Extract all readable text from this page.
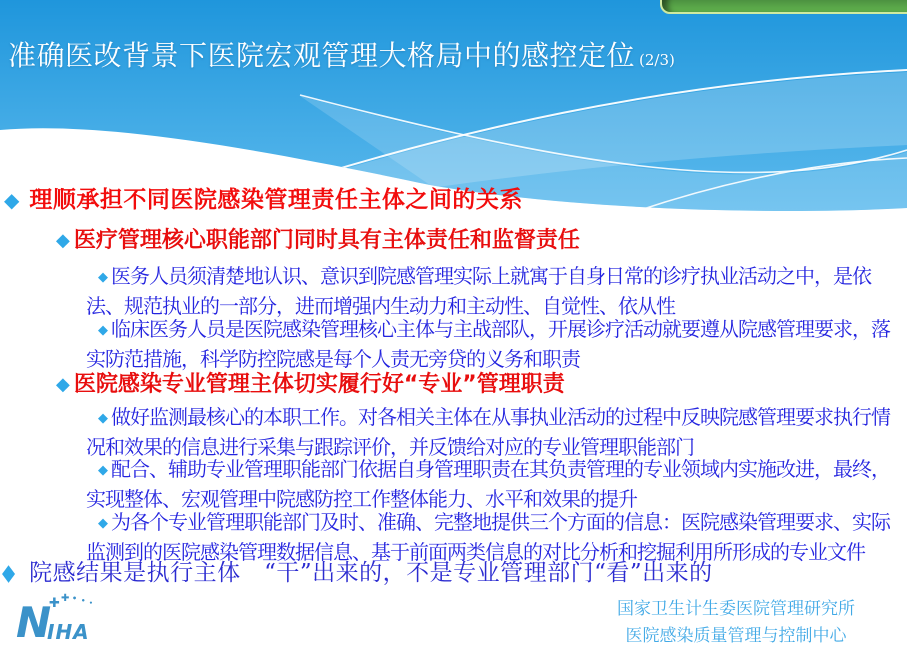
准确医改背景下医院宏观管理大格局中的感控定位 (2/3)
◆ 理顺承担不同医院感染管理责任主体之间的关系
◆ 医疗管理核心职能部门同时具有主体责任和监督责任

◆ 医务人员须清楚地认识、意识到院感管理实际上就寓于自身日常的诊疗执业活动之中，是依法、规范执业的一部分，进而增强内生动力和主动性、自觉性、依从性

◆ 临床医务人员是医院感染管理核心主体与主战部队，开展诊疗活动就要遵从院感管理要求，落实防范措施，科学防控院感是每个人责无旁贷的义务和职责

◆ 医院感染专业管理主体切实履行好“专业”管理职责

◆ 做好监测最核心的本职工作。对各相关主体在从事执业活动的过程中反映院感管理要求执行情况和效果的信息进行采集与跟踪评价，并反馈给对应的专业管理职能部门

◆ 配合、辅助专业管理职能部门依据自身管理职责在其负责管理的专业领域内实施改进，最终，实现整体、宏观管理中院感防控工作整体能力、水平和效果的提升

◆ 为各个专业管理职能部门及时、准确、完整地提供三个方面的信息：医院感染管理要求、实际监测到的医院感染管理数据信息、基于前面两类信息的对比分析和挖掘利用所形成的专业文件

◆ 院感结果是执行主体　“干”出来的，不是专业管理部门“看”出来的
N
IHA
✚ ✚ • • •	国家卫生计生委医院管理研究所
医院感染质量管理与控制中心
